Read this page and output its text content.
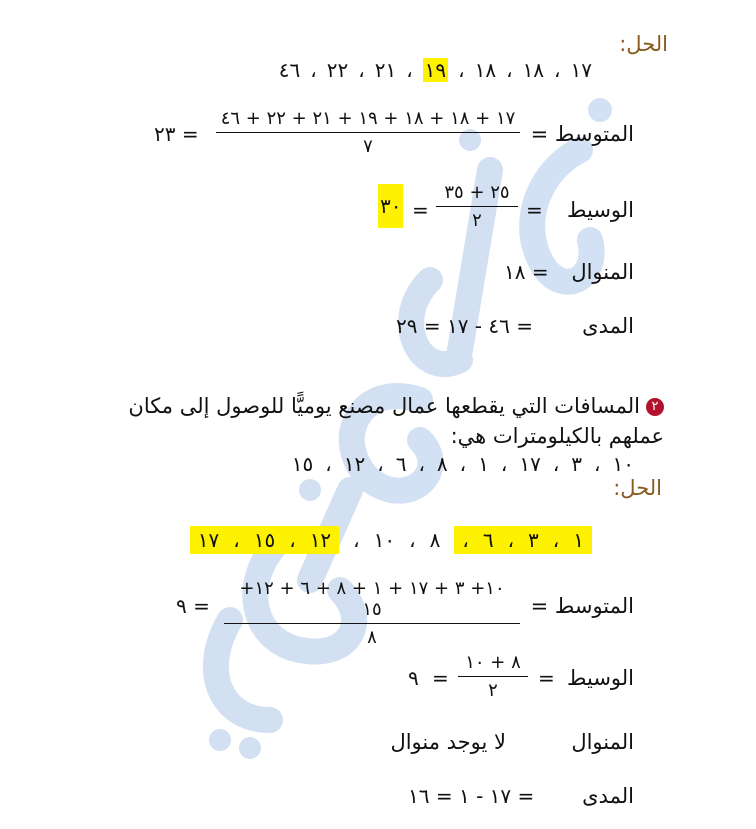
أحمد صالح الليثي
الحل:
١٧
،
١٨
،
١٨
،
١٩
،
٢١
،
٢٢
،
٤٦
المتوسط =
١٧ + ١٨ + ١٨ + ١٩ + ٢١ + ٢٢ + ٤٦
٧
= ٢٣
الوسيط
=
٢٥ + ٣٥
٢
=
٣٠
المنوال
= ١٨
المدى
= ٤٦ - ١٧ = ٢٩
٢المسافات التي يقطعها عمال مصنع يوميًّا للوصول إلى مكان
عملهم بالكيلومترات هي:
١٠
،
٣
،
١٧
،
١
،
٨
،
٦
،
١٢
،
١٥
الحل:
١
،
٣
،
٦
،
٨
،
١٠
،
١٢
،
١٥
،
١٧
المتوسط =
١٠+ ٣ + ١٧ + ١ + ٨ + ٦ + ١٢+ ١٥
٨
= ٩
الوسيط
=
٨ + ١٠
٢
=
٩
المنوال
لا يوجد منوال
المدى
= ١٧ - ١ = ١٦
